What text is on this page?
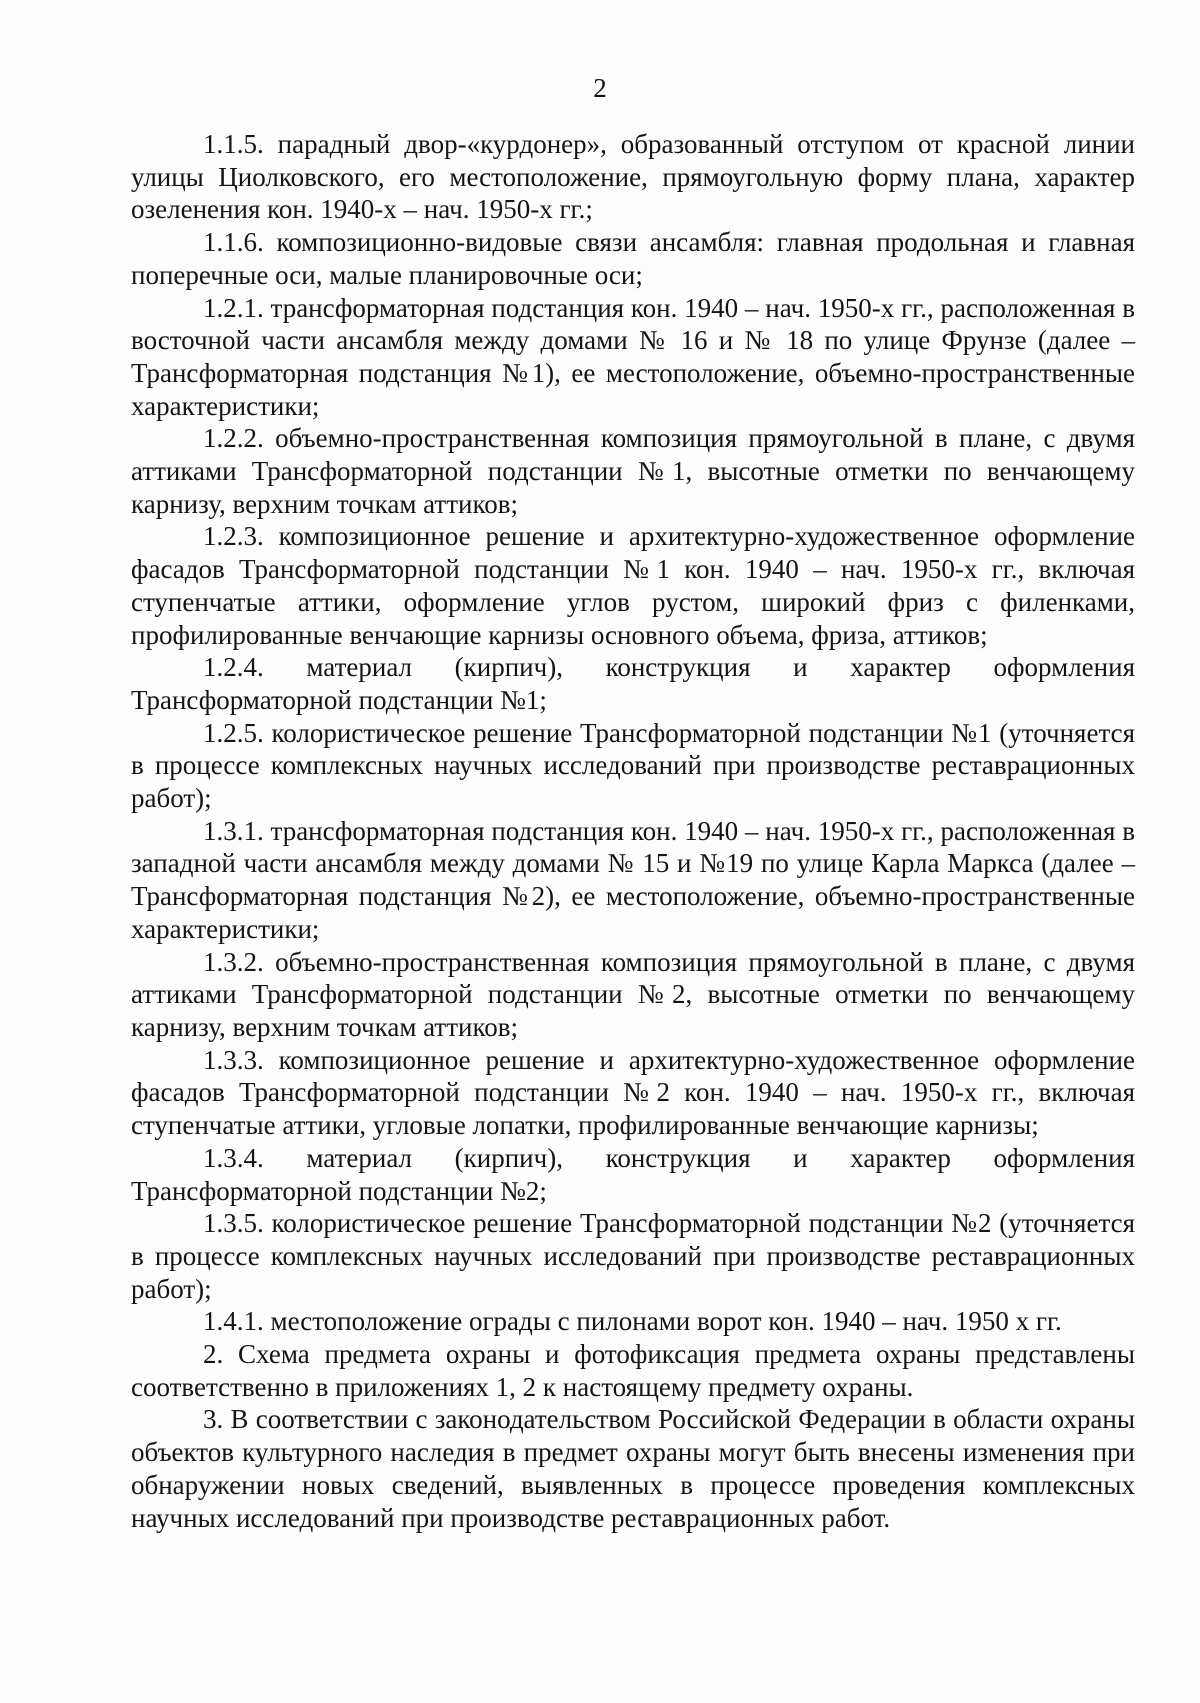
2

1.1.5. парадный двор-«курдонер», образованный отступом от красной линии улицы Циолковского, его местоположение, прямоугольную форму плана, характер озеленения кон. 1940-х – нач. 1950-х гг.;

1.1.6. композиционно-видовые связи ансамбля: главная продольная и главная поперечные оси, малые планировочные оси;

1.2.1. трансформаторная подстанция кон. 1940 – нач. 1950-х гг., расположенная в восточной части ансамбля между домами № 16 и № 18 по улице Фрунзе (далее – Трансформаторная подстанция №1), ее местоположение, объемно-пространственные характеристики;

1.2.2. объемно-пространственная композиция прямоугольной в плане, с двумя аттиками Трансформаторной подстанции №1, высотные отметки по венчающему карнизу, верхним точкам аттиков;

1.2.3. композиционное решение и архитектурно-художественное оформление фасадов Трансформаторной подстанции №1 кон. 1940 – нач. 1950-х гг., включая ступенчатые аттики, оформление углов рустом, широкий фриз с филенками, профилированные венчающие карнизы основного объема, фриза, аттиков;

1.2.4. материал (кирпич), конструкция и характер оформления Трансформаторной подстанции №1;

1.2.5. колористическое решение Трансформаторной подстанции №1 (уточняется в процессе комплексных научных исследований при производстве реставрационных работ);

1.3.1. трансформаторная подстанция кон. 1940 – нач. 1950-х гг., расположенная в западной части ансамбля между домами № 15 и №19 по улице Карла Маркса (далее – Трансформаторная подстанция №2), ее местоположение, объемно-пространственные характеристики;

1.3.2. объемно-пространственная композиция прямоугольной в плане, с двумя аттиками Трансформаторной подстанции №2, высотные отметки по венчающему карнизу, верхним точкам аттиков;

1.3.3. композиционное решение и архитектурно-художественное оформление фасадов Трансформаторной подстанции №2 кон. 1940 – нач. 1950-х гг., включая ступенчатые аттики, угловые лопатки, профилированные венчающие карнизы;

1.3.4. материал (кирпич), конструкция и характер оформления Трансформаторной подстанции №2;

1.3.5. колористическое решение Трансформаторной подстанции №2 (уточняется в процессе комплексных научных исследований при производстве реставрационных работ);

1.4.1. местоположение ограды с пилонами ворот кон. 1940 – нач. 1950 х гг.

2. Схема предмета охраны и фотофиксация предмета охраны представлены соответственно в приложениях 1, 2 к настоящему предмету охраны.

3. В соответствии с законодательством Российской Федерации в области охраны объектов культурного наследия в предмет охраны могут быть внесены изменения при обнаружении новых сведений, выявленных в процессе проведения комплексных научных исследований при производстве реставрационных работ.
